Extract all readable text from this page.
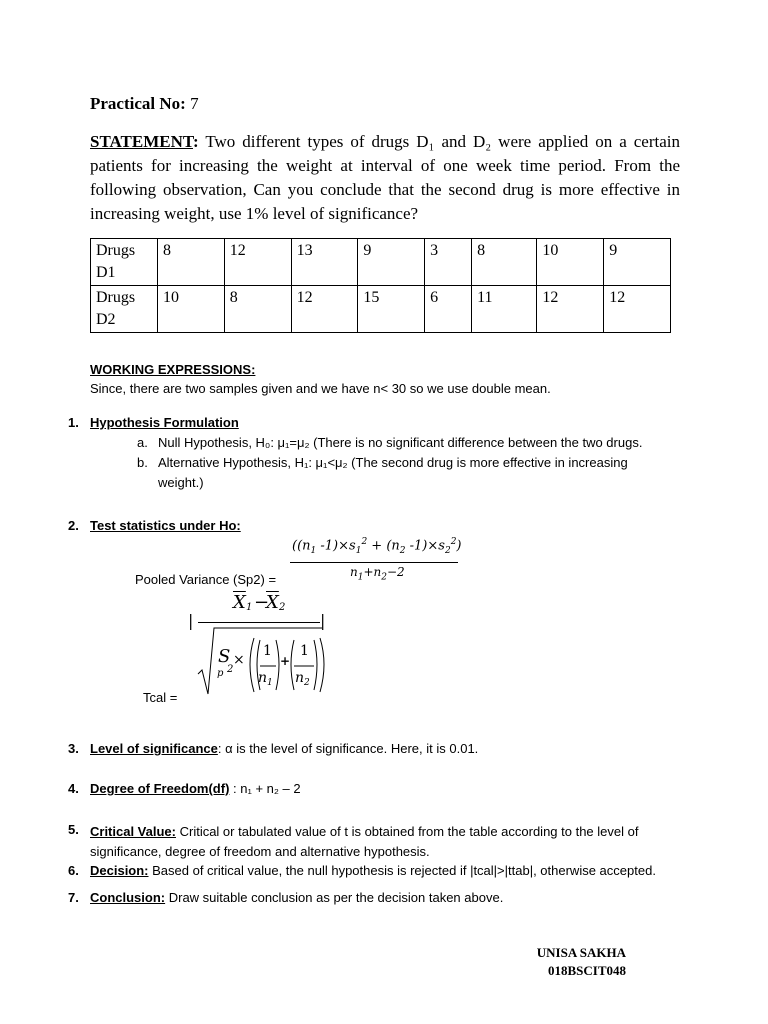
Practical No: 7
STATEMENT: Two different types of drugs D₁ and D₂ were applied on a certain patients for increasing the weight at interval of one week time period. From the following observation, Can you conclude that the second drug is more effective in increasing weight, use 1% level of significance?
Drugs D1	8	12	13	9	3	8	10	9
Drugs D2	10	8	12	15	6	11	12	12
WORKING EXPRESSIONS:
Since, there are two samples given and we have n< 30 so we use double mean.
1. Hypothesis Formulation
a. Null Hypothesis, H₀: μ₁=μ₂ (There is no significant difference between the two drugs.
b. Alternative Hypothesis, H₁: μ₁<μ₂ (The second drug is more effective in increasing weight.)
2. Test statistics under Ho:
Pooled Variance (Sp2) =
Tcal =
(($n_1$ $-1)\times s_1^2 + (n_2$ $-1)\times s_2^2$)
$n_1+n_2-2$
$\overline{X}$ 1 −
$\overline{X}$ 2
|	|
S
p 2
×
1
n 1
+
1
n 2
3. Level of significance: α is the level of significance. Here, it is 0.01.
4. Degree of Freedom(df) : n₁ + n₂ – 2
5. Critical Value: Critical or tabulated value of t is obtained from the table according to the level of significance, degree of freedom and alternative hypothesis.
6. Decision: Based of critical value, the null hypothesis is rejected if |tcal|>|ttab|, otherwise accepted.
7. Conclusion: Draw suitable conclusion as per the decision taken above.
UNISA SAKHA
018BSCIT048
